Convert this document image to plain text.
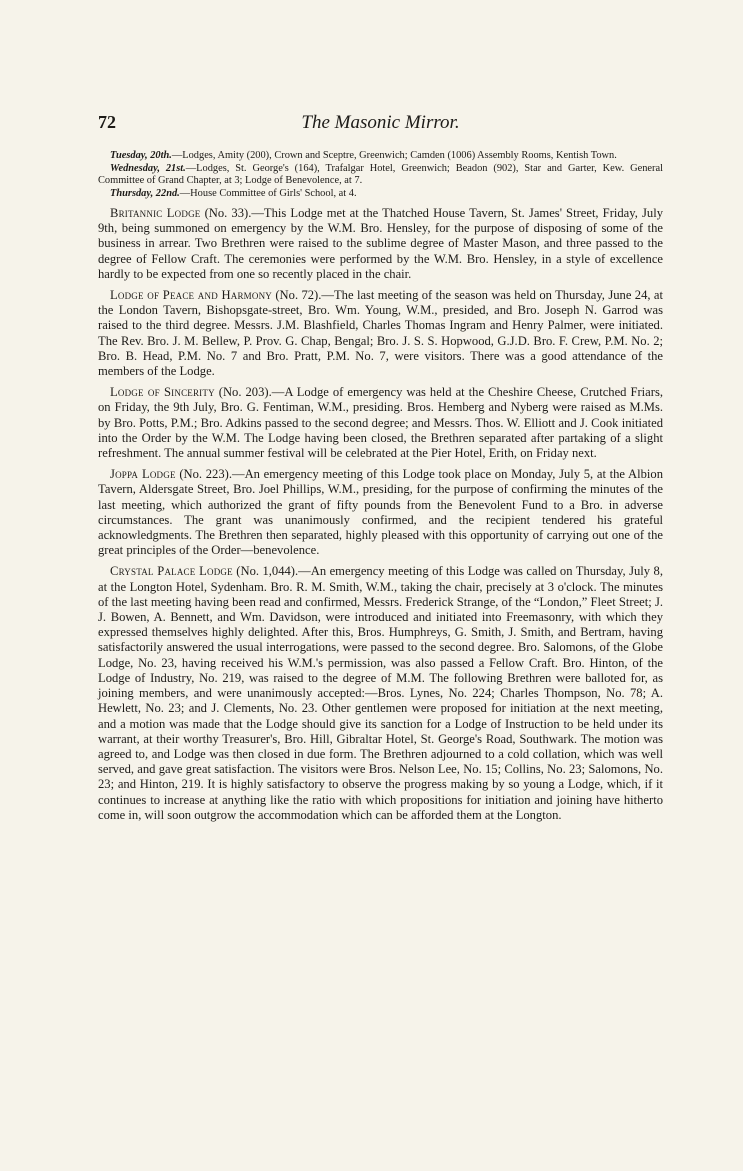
72	The Masonic Mirror.

Tuesday, 20th.—Lodges, Amity (200), Crown and Sceptre, Greenwich; Camden (1006) Assembly Rooms, Kentish Town.

Wednesday, 21st.—Lodges, St. George's (164), Trafalgar Hotel, Greenwich; Beadon (902), Star and Garter, Kew. General Committee of Grand Chapter, at 3; Lodge of Benevolence, at 7.

Thursday, 22nd.—House Committee of Girls' School, at 4.

Britannic Lodge (No. 33).—This Lodge met at the Thatched House Tavern, St. James' Street, Friday, July 9th, being summoned on emergency by the W.M. Bro. Hensley, for the purpose of disposing of some of the business in arrear. Two Brethren were raised to the sublime degree of Master Mason, and three passed to the degree of Fellow Craft. The ceremonies were performed by the W.M. Bro. Hensley, in a style of excellence hardly to be expected from one so recently placed in the chair.

Lodge of Peace and Harmony (No. 72).—The last meeting of the season was held on Thursday, June 24, at the London Tavern, Bishopsgate-street, Bro. Wm. Young, W.M., presided, and Bro. Joseph N. Garrod was raised to the third degree. Messrs. J.M. Blashfield, Charles Thomas Ingram and Henry Palmer, were initiated. The Rev. Bro. J. M. Bellew, P. Prov. G. Chap, Bengal; Bro. J. S. S. Hopwood, G.J.D. Bro. F. Crew, P.M. No. 2; Bro. B. Head, P.M. No. 7 and Bro. Pratt, P.M. No. 7, were visitors. There was a good attendance of the members of the Lodge.

Lodge of Sincerity (No. 203).—A Lodge of emergency was held at the Cheshire Cheese, Crutched Friars, on Friday, the 9th July, Bro. G. Fentiman, W.M., presiding. Bros. Hemberg and Nyberg were raised as M.Ms. by Bro. Potts, P.M.; Bro. Adkins passed to the second degree; and Messrs. Thos. W. Elliott and J. Cook initiated into the Order by the W.M. The Lodge having been closed, the Brethren separated after partaking of a slight refreshment. The annual summer festival will be celebrated at the Pier Hotel, Erith, on Friday next.

Joppa Lodge (No. 223).—An emergency meeting of this Lodge took place on Monday, July 5, at the Albion Tavern, Aldersgate Street, Bro. Joel Phillips, W.M., presiding, for the purpose of confirming the minutes of the last meeting, which authorized the grant of fifty pounds from the Benevolent Fund to a Bro. in adverse circumstances. The grant was unanimously confirmed, and the recipient tendered his grateful acknowledgments. The Brethren then separated, highly pleased with this opportunity of carrying out one of the great principles of the Order—benevolence.

Crystal Palace Lodge (No. 1,044).—An emergency meeting of this Lodge was called on Thursday, July 8, at the Longton Hotel, Sydenham. Bro. R. M. Smith, W.M., taking the chair, precisely at 3 o'clock. The minutes of the last meeting having been read and confirmed, Messrs. Frederick Strange, of the “London,” Fleet Street; J. J. Bowen, A. Bennett, and Wm. Davidson, were introduced and initiated into Freemasonry, with which they expressed themselves highly delighted. After this, Bros. Humphreys, G. Smith, J. Smith, and Bertram, having satisfactorily answered the usual interrogations, were passed to the second degree. Bro. Salomons, of the Globe Lodge, No. 23, having received his W.M.'s permission, was also passed a Fellow Craft. Bro. Hinton, of the Lodge of Industry, No. 219, was raised to the degree of M.M. The following Brethren were balloted for, as joining members, and were unanimously accepted:—Bros. Lynes, No. 224; Charles Thompson, No. 78; A. Hewlett, No. 23; and J. Clements, No. 23. Other gentlemen were proposed for initiation at the next meeting, and a motion was made that the Lodge should give its sanction for a Lodge of Instruction to be held under its warrant, at their worthy Treasurer's, Bro. Hill, Gibraltar Hotel, St. George's Road, Southwark. The motion was agreed to, and Lodge was then closed in due form. The Brethren adjourned to a cold collation, which was well served, and gave great satisfaction. The visitors were Bros. Nelson Lee, No. 15; Collins, No. 23; Salomons, No. 23; and Hinton, 219. It is highly satisfactory to observe the progress making by so young a Lodge, which, if it continues to increase at anything like the ratio with which propositions for initiation and joining have hitherto come in, will soon outgrow the accommodation which can be afforded them at the Longton.
